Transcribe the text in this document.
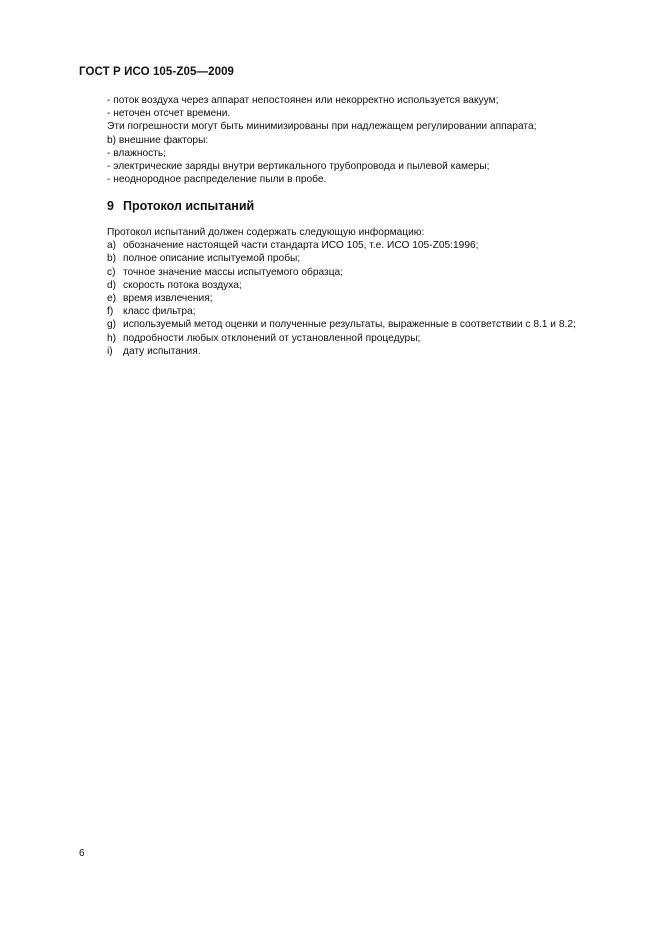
ГОСТ Р ИСО 105-Z05—2009
- поток воздуха через аппарат непостоянен или некорректно используется вакуум;
- неточен отсчет времени.
Эти погрешности могут быть минимизированы при надлежащем регулировании аппарата;
b) внешние факторы:
- влажность;
- электрические заряды внутри вертикального трубопровода и пылевой камеры;
- неоднородное распределение пыли в пробе.
9 Протокол испытаний
Протокол испытаний должен содержать следующую информацию:
a) обозначение настоящей части стандарта ИСО 105, т.е. ИСО 105-Z05:1996;
b) полное описание испытуемой пробы;
c) точное значение массы испытуемого образца;
d) скорость потока воздуха;
e) время извлечения;
f) класс фильтра;
g) используемый метод оценки и полученные результаты, выраженные в соответствии с 8.1 и 8.2;
h) подробности любых отклонений от установленной процедуры;
i) дату испытания.
6
